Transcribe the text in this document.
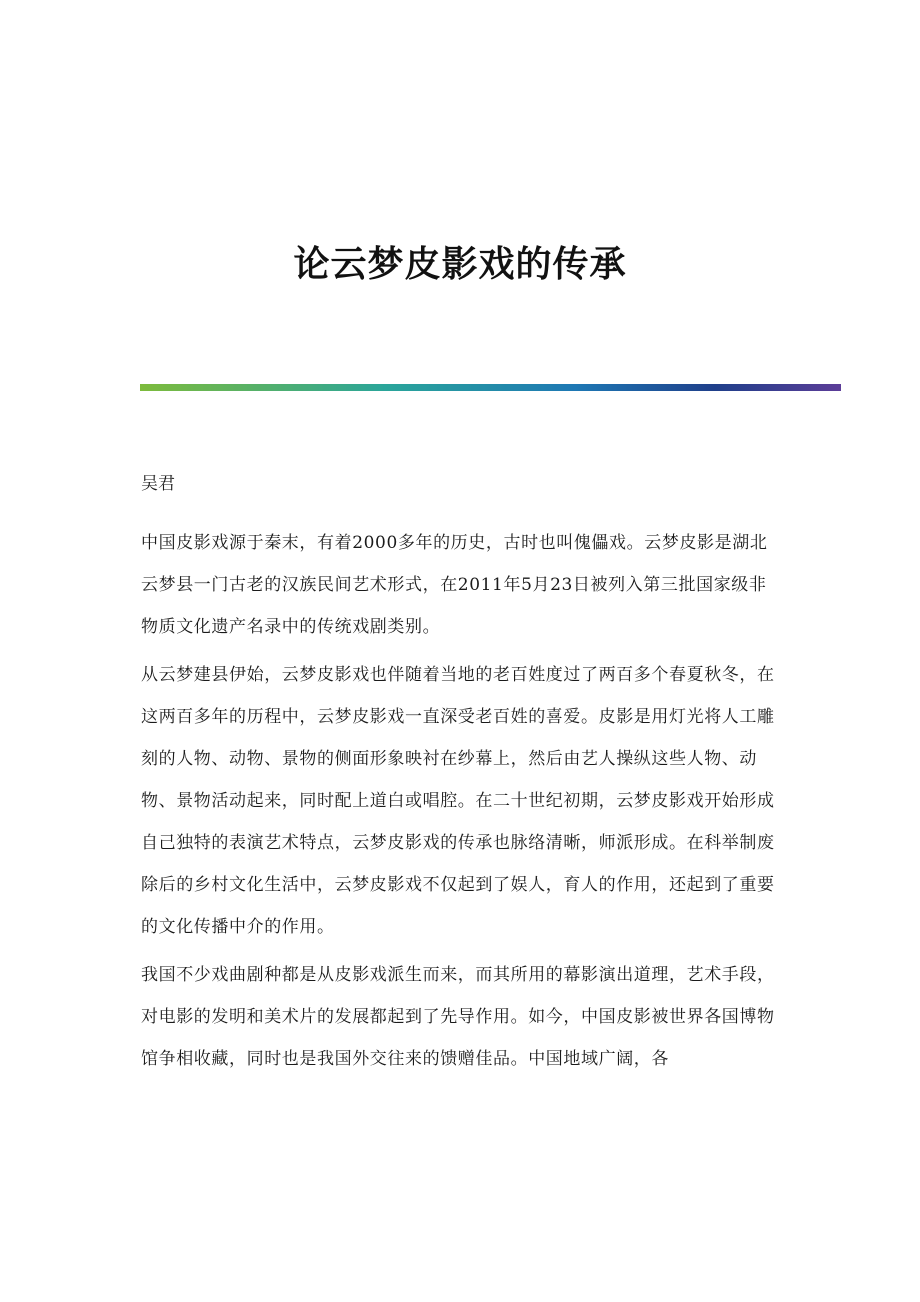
论云梦皮影戏的传承
吴君

中国皮影戏源于秦末，有着2000多年的历史，古时也叫傀儡戏。云梦皮影是湖北云梦县一门古老的汉族民间艺术形式，在2011年5月23日被列入第三批国家级非物质文化遗产名录中的传统戏剧类别。

从云梦建县伊始，云梦皮影戏也伴随着当地的老百姓度过了两百多个春夏秋冬，在这两百多年的历程中，云梦皮影戏一直深受老百姓的喜爱。皮影是用灯光将人工雕刻的人物、动物、景物的侧面形象映衬在纱幕上，然后由艺人操纵这些人物、动物、景物活动起来，同时配上道白或唱腔。在二十世纪初期，云梦皮影戏开始形成自己独特的表演艺术特点，云梦皮影戏的传承也脉络清晰，师派形成。在科举制废除后的乡村文化生活中，云梦皮影戏不仅起到了娱人，育人的作用，还起到了重要的文化传播中介的作用。

我国不少戏曲剧种都是从皮影戏派生而来，而其所用的幕影演出道理，艺术手段，对电影的发明和美术片的发展都起到了先导作用。如今，中国皮影被世界各国博物馆争相收藏，同时也是我国外交往来的馈赠佳品。中国地域广阔，各
